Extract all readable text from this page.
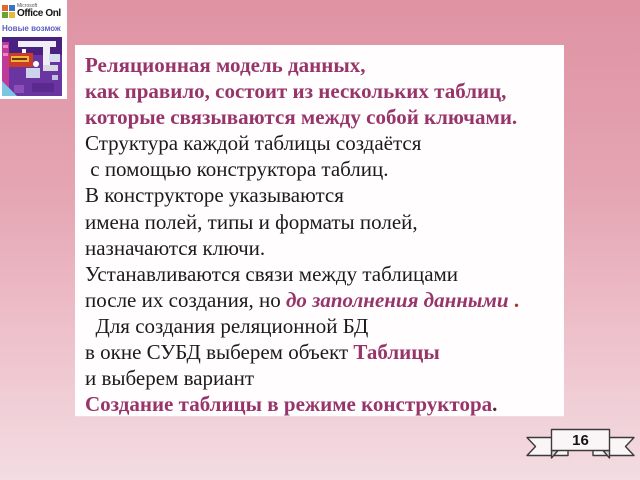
Microsoft
Office Onl
Новые возмож
Реляционная модель данных,
как правило, состоит из нескольких таблиц,
которые связываются между собой ключами.
Структура каждой таблицы создаётся
с помощью конструктора таблиц.
В конструкторе указываются
имена полей, типы и форматы полей,
назначаются ключи.
Устанавливаются связи между таблицами
после их создания, но до заполнения данными .
Для создания реляционной БД
в окне СУБД выберем объект Таблицы
и выберем вариант
Создание таблицы в режиме конструктора.
16
